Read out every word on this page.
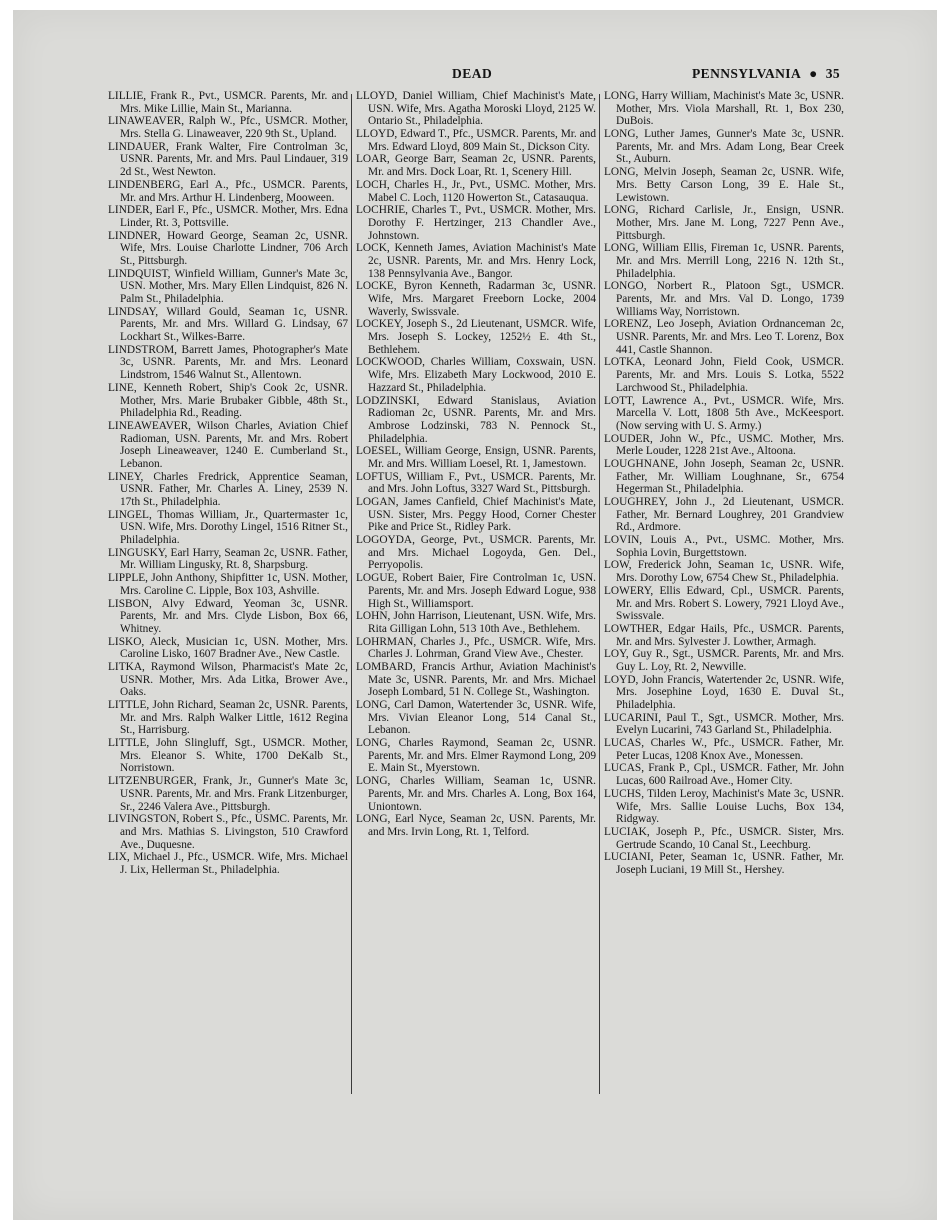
DEAD	PENNSYLVANIA ● 35

LILLIE, Frank R., Pvt., USMCR. Parents, Mr. and Mrs. Mike Lillie, Main St., Marianna.

LINAWEAVER, Ralph W., Pfc., USMCR. Mother, Mrs. Stella G. Linaweaver, 220 9th St., Upland.

LINDAUER, Frank Walter, Fire Controlman 3c, USNR. Parents, Mr. and Mrs. Paul Lindauer, 319 2d St., West Newton.

LINDENBERG, Earl A., Pfc., USMCR. Parents, Mr. and Mrs. Arthur H. Lindenberg, Mooween.

LINDER, Earl F., Pfc., USMCR. Mother, Mrs. Edna Linder, Rt. 3, Pottsville.

LINDNER, Howard George, Seaman 2c, USNR. Wife, Mrs. Louise Charlotte Lindner, 706 Arch St., Pittsburgh.

LINDQUIST, Winfield William, Gunner's Mate 3c, USN. Mother, Mrs. Mary Ellen Lindquist, 826 N. Palm St., Philadelphia.

LINDSAY, Willard Gould, Seaman 1c, USNR. Parents, Mr. and Mrs. Willard G. Lindsay, 67 Lockhart St., Wilkes-Barre.

LINDSTROM, Barrett James, Photographer's Mate 3c, USNR. Parents, Mr. and Mrs. Leonard Lindstrom, 1546 Walnut St., Allentown.

LINE, Kenneth Robert, Ship's Cook 2c, USNR. Mother, Mrs. Marie Brubaker Gibble, 48th St., Philadelphia Rd., Reading.

LINEAWEAVER, Wilson Charles, Aviation Chief Radioman, USN. Parents, Mr. and Mrs. Robert Joseph Lineaweaver, 1240 E. Cumberland St., Lebanon.

LINEY, Charles Fredrick, Apprentice Seaman, USNR. Father, Mr. Charles A. Liney, 2539 N. 17th St., Philadelphia.

LINGEL, Thomas William, Jr., Quartermaster 1c, USN. Wife, Mrs. Dorothy Lingel, 1516 Ritner St., Philadelphia.

LINGUSKY, Earl Harry, Seaman 2c, USNR. Father, Mr. William Lingusky, Rt. 8, Sharpsburg.

LIPPLE, John Anthony, Shipfitter 1c, USN. Mother, Mrs. Caroline C. Lipple, Box 103, Ashville.

LISBON, Alvy Edward, Yeoman 3c, USNR. Parents, Mr. and Mrs. Clyde Lisbon, Box 66, Whitney.

LISKO, Aleck, Musician 1c, USN. Mother, Mrs. Caroline Lisko, 1607 Bradner Ave., New Castle.

LITKA, Raymond Wilson, Pharmacist's Mate 2c, USNR. Mother, Mrs. Ada Litka, Brower Ave., Oaks.

LITTLE, John Richard, Seaman 2c, USNR. Parents, Mr. and Mrs. Ralph Walker Little, 1612 Regina St., Harrisburg.

LITTLE, John Slingluff, Sgt., USMCR. Mother, Mrs. Eleanor S. White, 1700 DeKalb St., Norristown.

LITZENBURGER, Frank, Jr., Gunner's Mate 3c, USNR. Parents, Mr. and Mrs. Frank Litzenburger, Sr., 2246 Valera Ave., Pittsburgh.

LIVINGSTON, Robert S., Pfc., USMC. Parents, Mr. and Mrs. Mathias S. Livingston, 510 Crawford Ave., Duquesne.

LIX, Michael J., Pfc., USMCR. Wife, Mrs. Michael J. Lix, Hellerman St., Philadelphia.

LLOYD, Daniel William, Chief Machinist's Mate, USN. Wife, Mrs. Agatha Moroski Lloyd, 2125 W. Ontario St., Philadelphia.

LLOYD, Edward T., Pfc., USMCR. Parents, Mr. and Mrs. Edward Lloyd, 809 Main St., Dickson City.

LOAR, George Barr, Seaman 2c, USNR. Parents, Mr. and Mrs. Dock Loar, Rt. 1, Scenery Hill.

LOCH, Charles H., Jr., Pvt., USMC. Mother, Mrs. Mabel C. Loch, 1120 Howerton St., Catasauqua.

LOCHRIE, Charles T., Pvt., USMCR. Mother, Mrs. Dorothy F. Hertzinger, 213 Chandler Ave., Johnstown.

LOCK, Kenneth James, Aviation Machinist's Mate 2c, USNR. Parents, Mr. and Mrs. Henry Lock, 138 Pennsylvania Ave., Bangor.

LOCKE, Byron Kenneth, Radarman 3c, USNR. Wife, Mrs. Margaret Freeborn Locke, 2004 Waverly, Swissvale.

LOCKEY, Joseph S., 2d Lieutenant, USMCR. Wife, Mrs. Joseph S. Lockey, 1252½ E. 4th St., Bethlehem.

LOCKWOOD, Charles William, Coxswain, USN. Wife, Mrs. Elizabeth Mary Lockwood, 2010 E. Hazzard St., Philadelphia.

LODZINSKI, Edward Stanislaus, Aviation Radioman 2c, USNR. Parents, Mr. and Mrs. Ambrose Lodzinski, 783 N. Pennock St., Philadelphia.

LOESEL, William George, Ensign, USNR. Parents, Mr. and Mrs. William Loesel, Rt. 1, Jamestown.

LOFTUS, William F., Pvt., USMCR. Parents, Mr. and Mrs. John Loftus, 3327 Ward St., Pittsburgh.

LOGAN, James Canfield, Chief Machinist's Mate, USN. Sister, Mrs. Peggy Hood, Corner Chester Pike and Price St., Ridley Park.

LOGOYDA, George, Pvt., USMCR. Parents, Mr. and Mrs. Michael Logoyda, Gen. Del., Perryopolis.

LOGUE, Robert Baier, Fire Controlman 1c, USN. Parents, Mr. and Mrs. Joseph Edward Logue, 938 High St., Williamsport.

LOHN, John Harrison, Lieutenant, USN. Wife, Mrs. Rita Gilligan Lohn, 513 10th Ave., Bethlehem.

LOHRMAN, Charles J., Pfc., USMCR. Wife, Mrs. Charles J. Lohrman, Grand View Ave., Chester.

LOMBARD, Francis Arthur, Aviation Machinist's Mate 3c, USNR. Parents, Mr. and Mrs. Michael Joseph Lombard, 51 N. College St., Washington.

LONG, Carl Damon, Watertender 3c, USNR. Wife, Mrs. Vivian Eleanor Long, 514 Canal St., Lebanon.

LONG, Charles Raymond, Seaman 2c, USNR. Parents, Mr. and Mrs. Elmer Raymond Long, 209 E. Main St., Myerstown.

LONG, Charles William, Seaman 1c, USNR. Parents, Mr. and Mrs. Charles A. Long, Box 164, Uniontown.

LONG, Earl Nyce, Seaman 2c, USN. Parents, Mr. and Mrs. Irvin Long, Rt. 1, Telford.

LONG, Harry William, Machinist's Mate 3c, USNR. Mother, Mrs. Viola Marshall, Rt. 1, Box 230, DuBois.

LONG, Luther James, Gunner's Mate 3c, USNR. Parents, Mr. and Mrs. Adam Long, Bear Creek St., Auburn.

LONG, Melvin Joseph, Seaman 2c, USNR. Wife, Mrs. Betty Carson Long, 39 E. Hale St., Lewistown.

LONG, Richard Carlisle, Jr., Ensign, USNR. Mother, Mrs. Jane M. Long, 7227 Penn Ave., Pittsburgh.

LONG, William Ellis, Fireman 1c, USNR. Parents, Mr. and Mrs. Merrill Long, 2216 N. 12th St., Philadelphia.

LONGO, Norbert R., Platoon Sgt., USMCR. Parents, Mr. and Mrs. Val D. Longo, 1739 Williams Way, Norristown.

LORENZ, Leo Joseph, Aviation Ordnanceman 2c, USNR. Parents, Mr. and Mrs. Leo T. Lorenz, Box 441, Castle Shannon.

LOTKA, Leonard John, Field Cook, USMCR. Parents, Mr. and Mrs. Louis S. Lotka, 5522 Larchwood St., Philadelphia.

LOTT, Lawrence A., Pvt., USMCR. Wife, Mrs. Marcella V. Lott, 1808 5th Ave., McKeesport. (Now serving with U. S. Army.)

LOUDER, John W., Pfc., USMC. Mother, Mrs. Merle Louder, 1228 21st Ave., Altoona.

LOUGHNANE, John Joseph, Seaman 2c, USNR. Father, Mr. William Loughnane, Sr., 6754 Hegerman St., Philadelphia.

LOUGHREY, John J., 2d Lieutenant, USMCR. Father, Mr. Bernard Loughrey, 201 Grandview Rd., Ardmore.

LOVIN, Louis A., Pvt., USMC. Mother, Mrs. Sophia Lovin, Burgettstown.

LOW, Frederick John, Seaman 1c, USNR. Wife, Mrs. Dorothy Low, 6754 Chew St., Philadelphia.

LOWERY, Ellis Edward, Cpl., USMCR. Parents, Mr. and Mrs. Robert S. Lowery, 7921 Lloyd Ave., Swissvale.

LOWTHER, Edgar Hails, Pfc., USMCR. Parents, Mr. and Mrs. Sylvester J. Lowther, Armagh.

LOY, Guy R., Sgt., USMCR. Parents, Mr. and Mrs. Guy L. Loy, Rt. 2, Newville.

LOYD, John Francis, Watertender 2c, USNR. Wife, Mrs. Josephine Loyd, 1630 E. Duval St., Philadelphia.

LUCARINI, Paul T., Sgt., USMCR. Mother, Mrs. Evelyn Lucarini, 743 Garland St., Philadelphia.

LUCAS, Charles W., Pfc., USMCR. Father, Mr. Peter Lucas, 1208 Knox Ave., Monessen.

LUCAS, Frank P., Cpl., USMCR. Father, Mr. John Lucas, 600 Railroad Ave., Homer City.

LUCHS, Tilden Leroy, Machinist's Mate 3c, USNR. Wife, Mrs. Sallie Louise Luchs, Box 134, Ridgway.

LUCIAK, Joseph P., Pfc., USMCR. Sister, Mrs. Gertrude Scando, 10 Canal St., Leechburg.

LUCIANI, Peter, Seaman 1c, USNR. Father, Mr. Joseph Luciani, 19 Mill St., Hershey.
